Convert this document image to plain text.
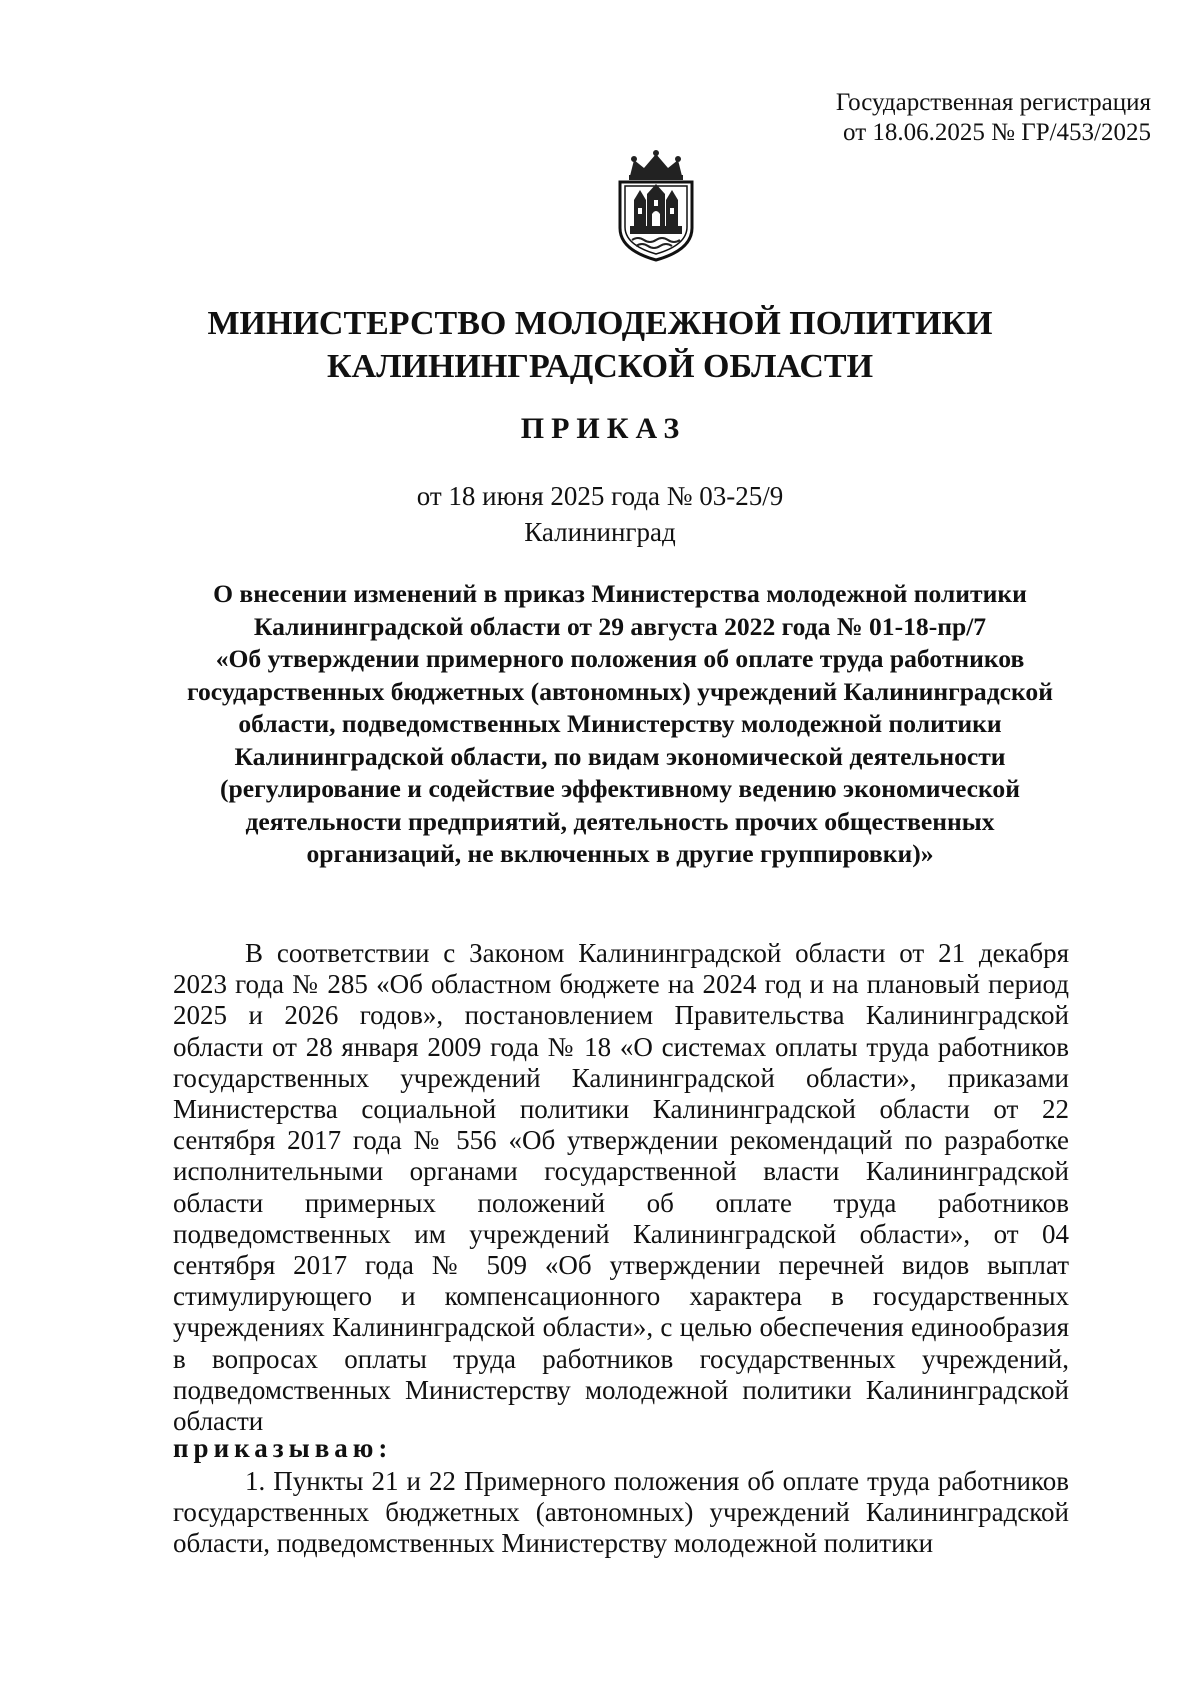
Государственная регистрация
от 18.06.2025 № ГР/453/2025
МИНИСТЕРСТВО МОЛОДЕЖНОЙ ПОЛИТИКИ
КАЛИНИНГРАДСКОЙ ОБЛАСТИ
ПРИКАЗ
от 18 июня 2025 года № 03-25/9
Калининград
О внесении изменений в приказ Министерства молодежной политики
Калининградской области от 29 августа 2022 года № 01-18-пр/7
«Об утверждении примерного положения об оплате труда работников
государственных бюджетных (автономных) учреждений Калининградской
области, подведомственных Министерству молодежной политики
Калининградской области, по видам экономической деятельности
(регулирование и содействие эффективному ведению экономической
деятельности предприятий, деятельность прочих общественных
организаций, не включенных в другие группировки)»

В соответствии с Законом Калининградской области от 21 декабря 2023 года № 285 «Об областном бюджете на 2024 год и на плановый период 2025 и 2026 годов», постановлением Правительства Калининградской области от 28 января 2009 года № 18 «О системах оплаты труда работников государственных учреждений Калининградской области», приказами Министерства социальной политики Калининградской области от 22 сентября 2017 года № 556 «Об утверждении рекомендаций по разработке исполнительными органами государственной власти Калининградской области примерных положений об оплате труда работников подведомственных им учреждений Калининградской области», от 04 сентября 2017 года № 509 «Об утверждении перечней видов выплат стимулирующего и компенсационного характера в государственных учреждениях Калининградской области», с целью обеспечения единообразия в вопросах оплаты труда работников государственных учреждений, подведомственных Министерству молодежной политики Калининградской области

приказываю:

1. Пункты 21 и 22 Примерного положения об оплате труда работников государственных бюджетных (автономных) учреждений Калининградской области, подведомственных Министерству молодежной политики
